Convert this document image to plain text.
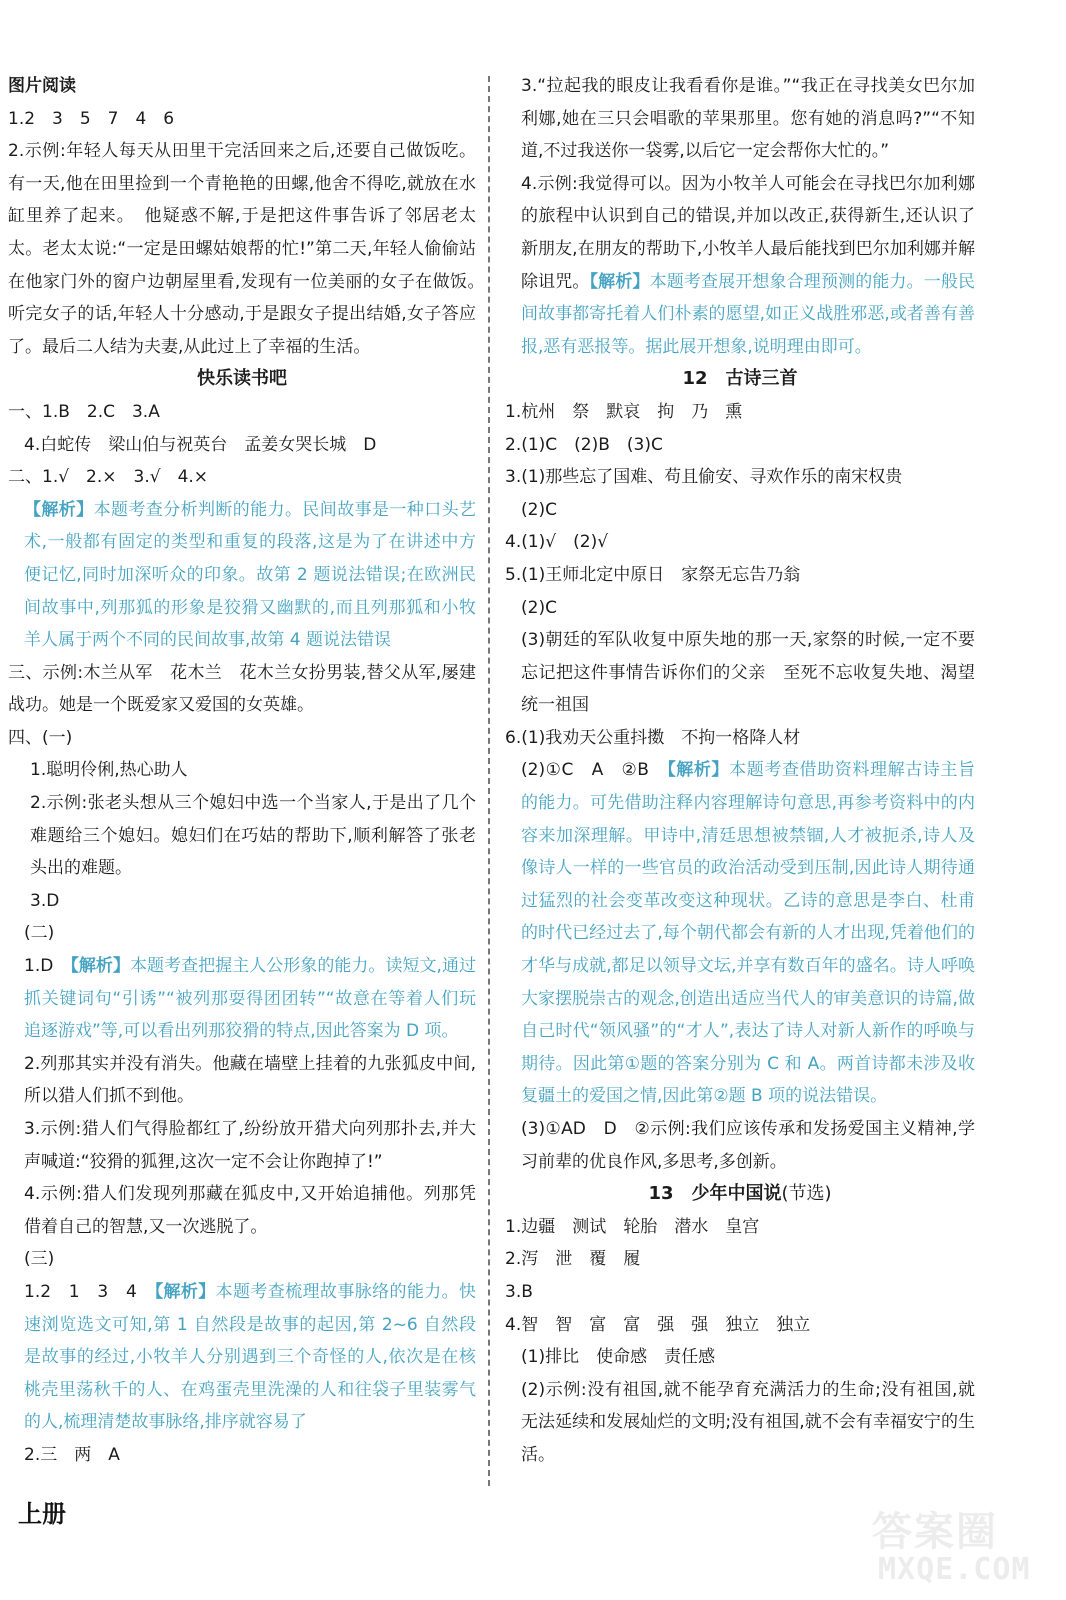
图片阅读
1.2　3　5　7　4　6
2.示例:年轻人每天从田里干完活回来之后,还要自己做饭吃。有一天,他在田里捡到一个青艳艳的田螺,他舍不得吃,就放在水缸里养了起来。　他疑惑不解,于是把这件事告诉了邻居老太太。老太太说:“一定是田螺姑娘帮的忙!”第二天,年轻人偷偷站在他家门外的窗户边朝屋里看,发现有一位美丽的女子在做饭。　听完女子的话,年轻人十分感动,于是跟女子提出结婚,女子答应了。最后二人结为夫妻,从此过上了幸福的生活。
快乐读书吧
一、1.B　2.C　3.A
4.白蛇传　梁山伯与祝英台　孟姜女哭长城　D
二、1.√　2.×　3.√　4.×
【解析】本题考查分析判断的能力。民间故事是一种口头艺术,一般都有固定的类型和重复的段落,这是为了在讲述中方便记忆,同时加深听众的印象。故第 2 题说法错误;在欧洲民间故事中,列那狐的形象是狡猾又幽默的,而且列那狐和小牧羊人属于两个不同的民间故事,故第 4 题说法错误
三、示例:木兰从军　花木兰　花木兰女扮男装,替父从军,屡建战功。她是一个既爱家又爱国的女英雄。
四、(一)
1.聪明伶俐,热心助人
2.示例:张老头想从三个媳妇中选一个当家人,于是出了几个难题给三个媳妇。媳妇们在巧姑的帮助下,顺利解答了张老头出的难题。
3.D
(二)
1.D　【解析】本题考查把握主人公形象的能力。读短文,通过抓关键词句“引诱”“被列那耍得团团转”“故意在等着人们玩追逐游戏”等,可以看出列那狡猾的特点,因此答案为 D 项。
2.列那其实并没有消失。他藏在墙壁上挂着的九张狐皮中间,所以猎人们抓不到他。
3.示例:猎人们气得脸都红了,纷纷放开猎犬向列那扑去,并大声喊道:“狡猾的狐狸,这次一定不会让你跑掉了!”
4.示例:猎人们发现列那藏在狐皮中,又开始追捕他。列那凭借着自己的智慧,又一次逃脱了。
(三)
1.2　1　3　4　【解析】本题考查梳理故事脉络的能力。快速浏览选文可知,第 1 自然段是故事的起因,第 2~6 自然段是故事的经过,小牧羊人分别遇到三个奇怪的人,依次是在核桃壳里荡秋千的人、在鸡蛋壳里洗澡的人和往袋子里装雾气的人,梳理清楚故事脉络,排序就容易了
2.三　两　A
3.“拉起我的眼皮让我看看你是谁。”“我正在寻找美女巴尔加利娜,她在三只会唱歌的苹果那里。您有她的消息吗?”“不知道,不过我送你一袋雾,以后它一定会帮你大忙的。”
4.示例:我觉得可以。因为小牧羊人可能会在寻找巴尔加利娜的旅程中认识到自己的错误,并加以改正,获得新生,还认识了新朋友,在朋友的帮助下,小牧羊人最后能找到巴尔加利娜并解除诅咒。【解析】本题考查展开想象合理预测的能力。一般民间故事都寄托着人们朴素的愿望,如正义战胜邪恶,或者善有善报,恶有恶报等。据此展开想象,说明理由即可。
12　古诗三首
1.杭州　祭　默哀　拘　乃　熏
2.(1)C　(2)B　(3)C
3.(1)那些忘了国难、苟且偷安、寻欢作乐的南宋权贵
(2)C
4.(1)√　(2)√
5.(1)王师北定中原日　家祭无忘告乃翁
(2)C
(3)朝廷的军队收复中原失地的那一天,家祭的时候,一定不要忘记把这件事情告诉你们的父亲　至死不忘收复失地、渴望统一祖国
6.(1)我劝天公重抖擞　不拘一格降人材
(2)①C　A　②B　【解析】本题考查借助资料理解古诗主旨的能力。可先借助注释内容理解诗句意思,再参考资料中的内容来加深理解。甲诗中,清廷思想被禁锢,人才被扼杀,诗人及像诗人一样的一些官员的政治活动受到压制,因此诗人期待通过猛烈的社会变革改变这种现状。乙诗的意思是李白、杜甫的时代已经过去了,每个朝代都会有新的人才出现,凭着他们的才华与成就,都足以领导文坛,并享有数百年的盛名。诗人呼唤大家摆脱崇古的观念,创造出适应当代人的审美意识的诗篇,做自己时代“领风骚”的“才人”,表达了诗人对新人新作的呼唤与期待。因此第①题的答案分别为 C 和 A。两首诗都未涉及收复疆土的爱国之情,因此第②题 B 项的说法错误。
(3)①AD　D　②示例:我们应该传承和发扬爱国主义精神,学习前辈的优良作风,多思考,多创新。
13　少年中国说(节选)
1.边疆　测试　轮胎　潜水　皇宫
2.泻　泄　覆　履
3.B
4.智　智　富　富　强　强　独立　独立
(1)排比　使命感　责任感
(2)示例:没有祖国,就不能孕育充满活力的生命;没有祖国,就无法延续和发展灿烂的文明;没有祖国,就不会有幸福安宁的生活。
上册	答案圈
MXQE.COM
